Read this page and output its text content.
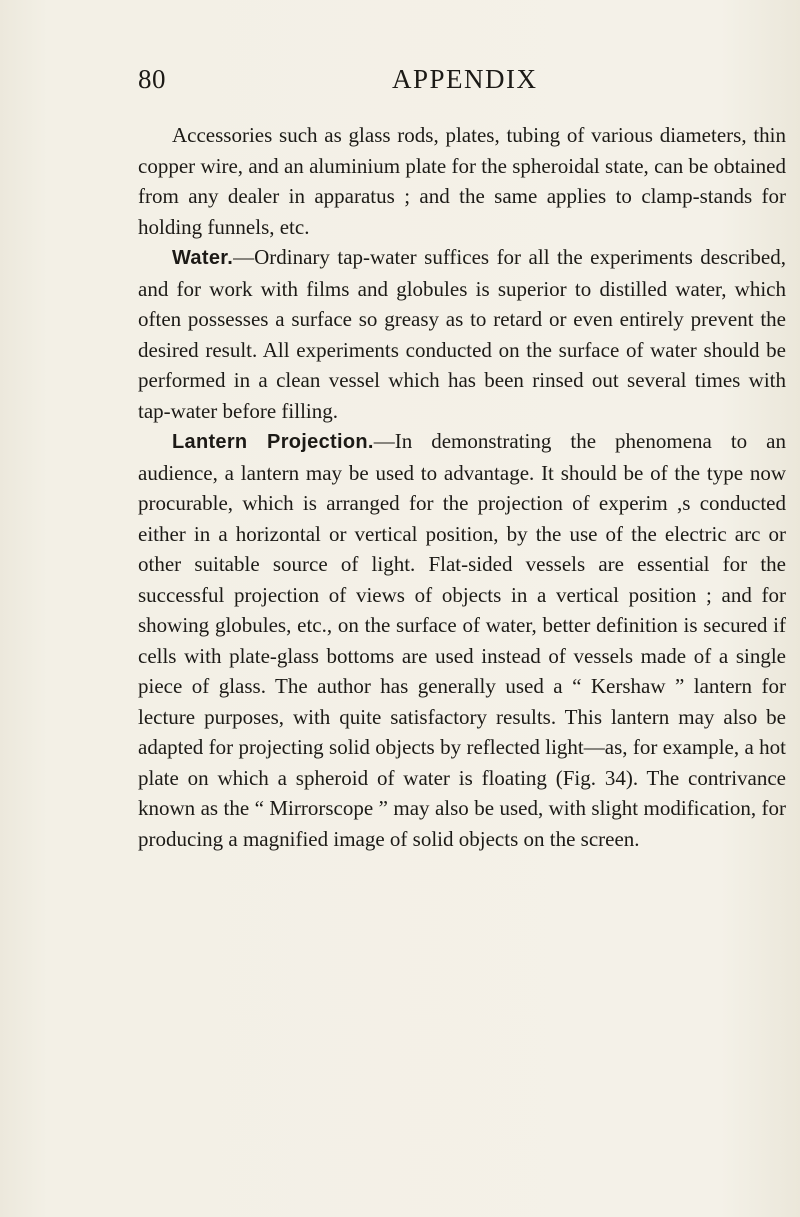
80	APPENDIX

Accessories such as glass rods, plates, tubing of various diameters, thin copper wire, and an aluminium plate for the spheroidal state, can be obtained from any dealer in apparatus ; and the same applies to clamp-stands for holding funnels, etc.

Water.—Ordinary tap-water suffices for all the experiments described, and for work with films and globules is superior to distilled water, which often possesses a surface so greasy as to retard or even entirely prevent the desired result. All experiments conducted on the surface of water should be performed in a clean vessel which has been rinsed out several times with tap-water before filling.

Lantern Projection.—In demonstrating the phenomena to an audience, a lantern may be used to advantage. It should be of the type now procurable, which is arranged for the projection of experim ,s conducted either in a horizontal or vertical position, by the use of the electric arc or other suitable source of light. Flat-sided vessels are essential for the successful projection of views of objects in a vertical position ; and for showing globules, etc., on the surface of water, better definition is secured if cells with plate-glass bottoms are used instead of vessels made of a single piece of glass. The author has generally used a “ Kershaw ” lantern for lecture purposes, with quite satisfactory results. This lantern may also be adapted for projecting solid objects by reflected light—as, for example, a hot plate on which a spheroid of water is floating (Fig. 34). The contrivance known as the “ Mirrorscope ” may also be used, with slight modification, for producing a magnified image of solid objects on the screen.
